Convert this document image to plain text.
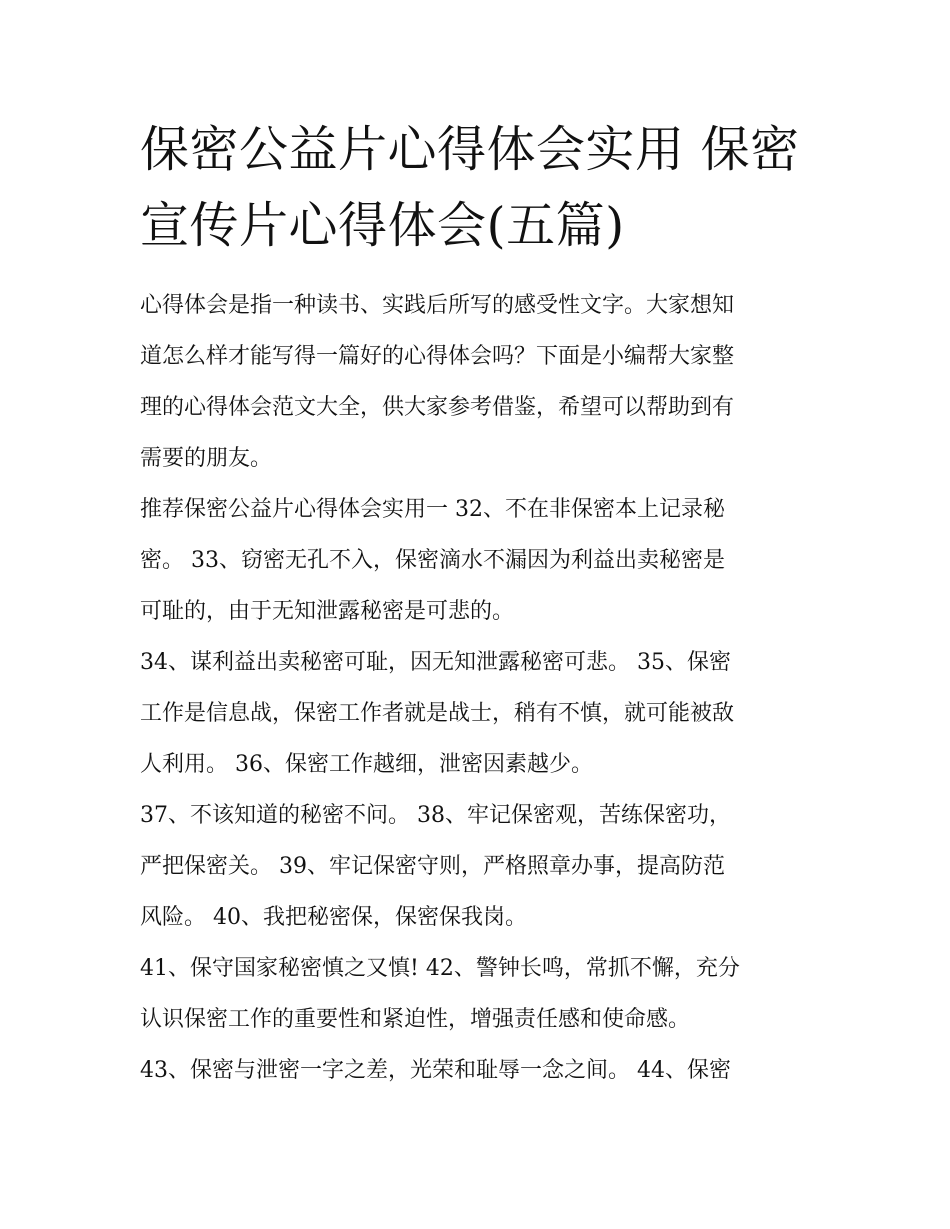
保密公益片心得体会实用 保密
宣传片心得体会(五篇)

心得体会是指一种读书、实践后所写的感受性文字。大家想知
道怎么样才能写得一篇好的心得体会吗？下面是小编帮大家整
理的心得体会范文大全，供大家参考借鉴，希望可以帮助到有
需要的朋友。

推荐保密公益片心得体会实用一 32、不在非保密本上记录秘
密。 33、窃密无孔不入，保密滴水不漏因为利益出卖秘密是
可耻的，由于无知泄露秘密是可悲的。

34、谋利益出卖秘密可耻，因无知泄露秘密可悲。 35、保密
工作是信息战，保密工作者就是战士，稍有不慎，就可能被敌
人利用。 36、保密工作越细，泄密因素越少。

37、不该知道的秘密不问。 38、牢记保密观，苦练保密功，
严把保密关。 39、牢记保密守则，严格照章办事，提高防范
风险。 40、我把秘密保，保密保我岗。

41、保守国家秘密慎之又慎! 42、警钟长鸣，常抓不懈，充分
认识保密工作的重要性和紧迫性，增强责任感和使命感。

43、保密与泄密一字之差，光荣和耻辱一念之间。 44、保密
